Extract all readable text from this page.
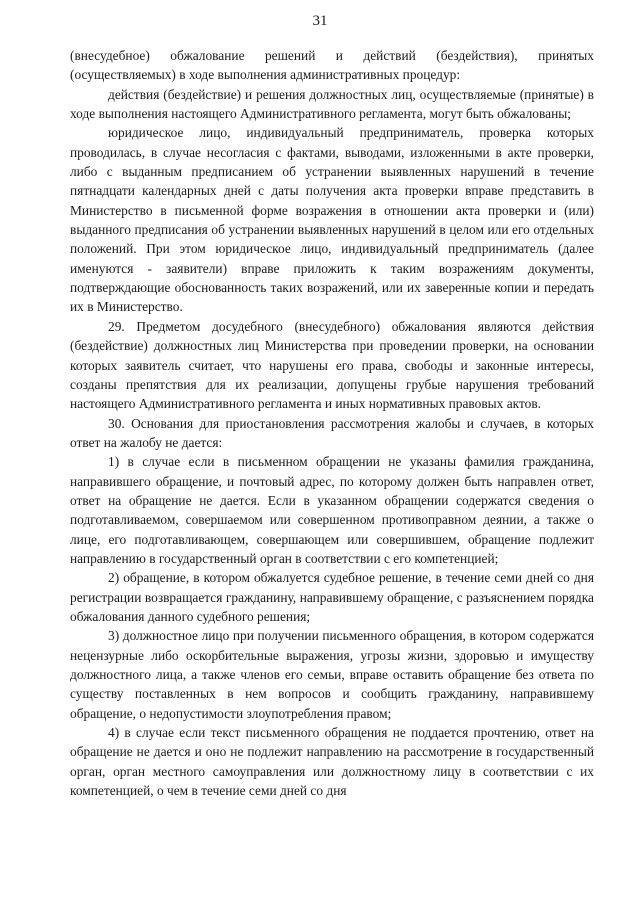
31

(внесудебное) обжалование решений и действий (бездействия), принятых (осуществляемых) в ходе выполнения административных процедур:

действия (бездействие) и решения должностных лиц, осуществляемые (принятые) в ходе выполнения настоящего Административного регламента, могут быть обжалованы;

юридическое лицо, индивидуальный предприниматель, проверка которых проводилась, в случае несогласия с фактами, выводами, изложенными в акте проверки, либо с выданным предписанием об устранении выявленных нарушений в течение пятнадцати календарных дней с даты получения акта проверки вправе представить в Министерство в письменной форме возражения в отношении акта проверки и (или) выданного предписания об устранении выявленных нарушений в целом или его отдельных положений. При этом юридическое лицо, индивидуальный предприниматель (далее именуются - заявители) вправе приложить к таким возражениям документы, подтверждающие обоснованность таких возражений, или их заверенные копии и передать их в Министерство.

29. Предметом досудебного (внесудебного) обжалования являются действия (бездействие) должностных лиц Министерства при проведении проверки, на основании которых заявитель считает, что нарушены его права, свободы и законные интересы, созданы препятствия для их реализации, допущены грубые нарушения требований настоящего Административного регламента и иных нормативных правовых актов.

30. Основания для приостановления рассмотрения жалобы и случаев, в которых ответ на жалобу не дается:

1) в случае если в письменном обращении не указаны фамилия гражданина, направившего обращение, и почтовый адрес, по которому должен быть направлен ответ, ответ на обращение не дается. Если в указанном обращении содержатся сведения о подготавливаемом, совершаемом или совершенном противоправном деянии, а также о лице, его подготавливающем, совершающем или совершившем, обращение подлежит направлению в государственный орган в соответствии с его компетенцией;

2) обращение, в котором обжалуется судебное решение, в течение семи дней со дня регистрации возвращается гражданину, направившему обращение, с разъяснением порядка обжалования данного судебного решения;

3) должностное лицо при получении письменного обращения, в котором содержатся нецензурные либо оскорбительные выражения, угрозы жизни, здоровью и имуществу должностного лица, а также членов его семьи, вправе оставить обращение без ответа по существу поставленных в нем вопросов и сообщить гражданину, направившему обращение, о недопустимости злоупотребления правом;

4) в случае если текст письменного обращения не поддается прочтению, ответ на обращение не дается и оно не подлежит направлению на рассмотрение в государственный орган, орган местного самоуправления или должностному лицу в соответствии с их компетенцией, о чем в течение семи дней со дня
